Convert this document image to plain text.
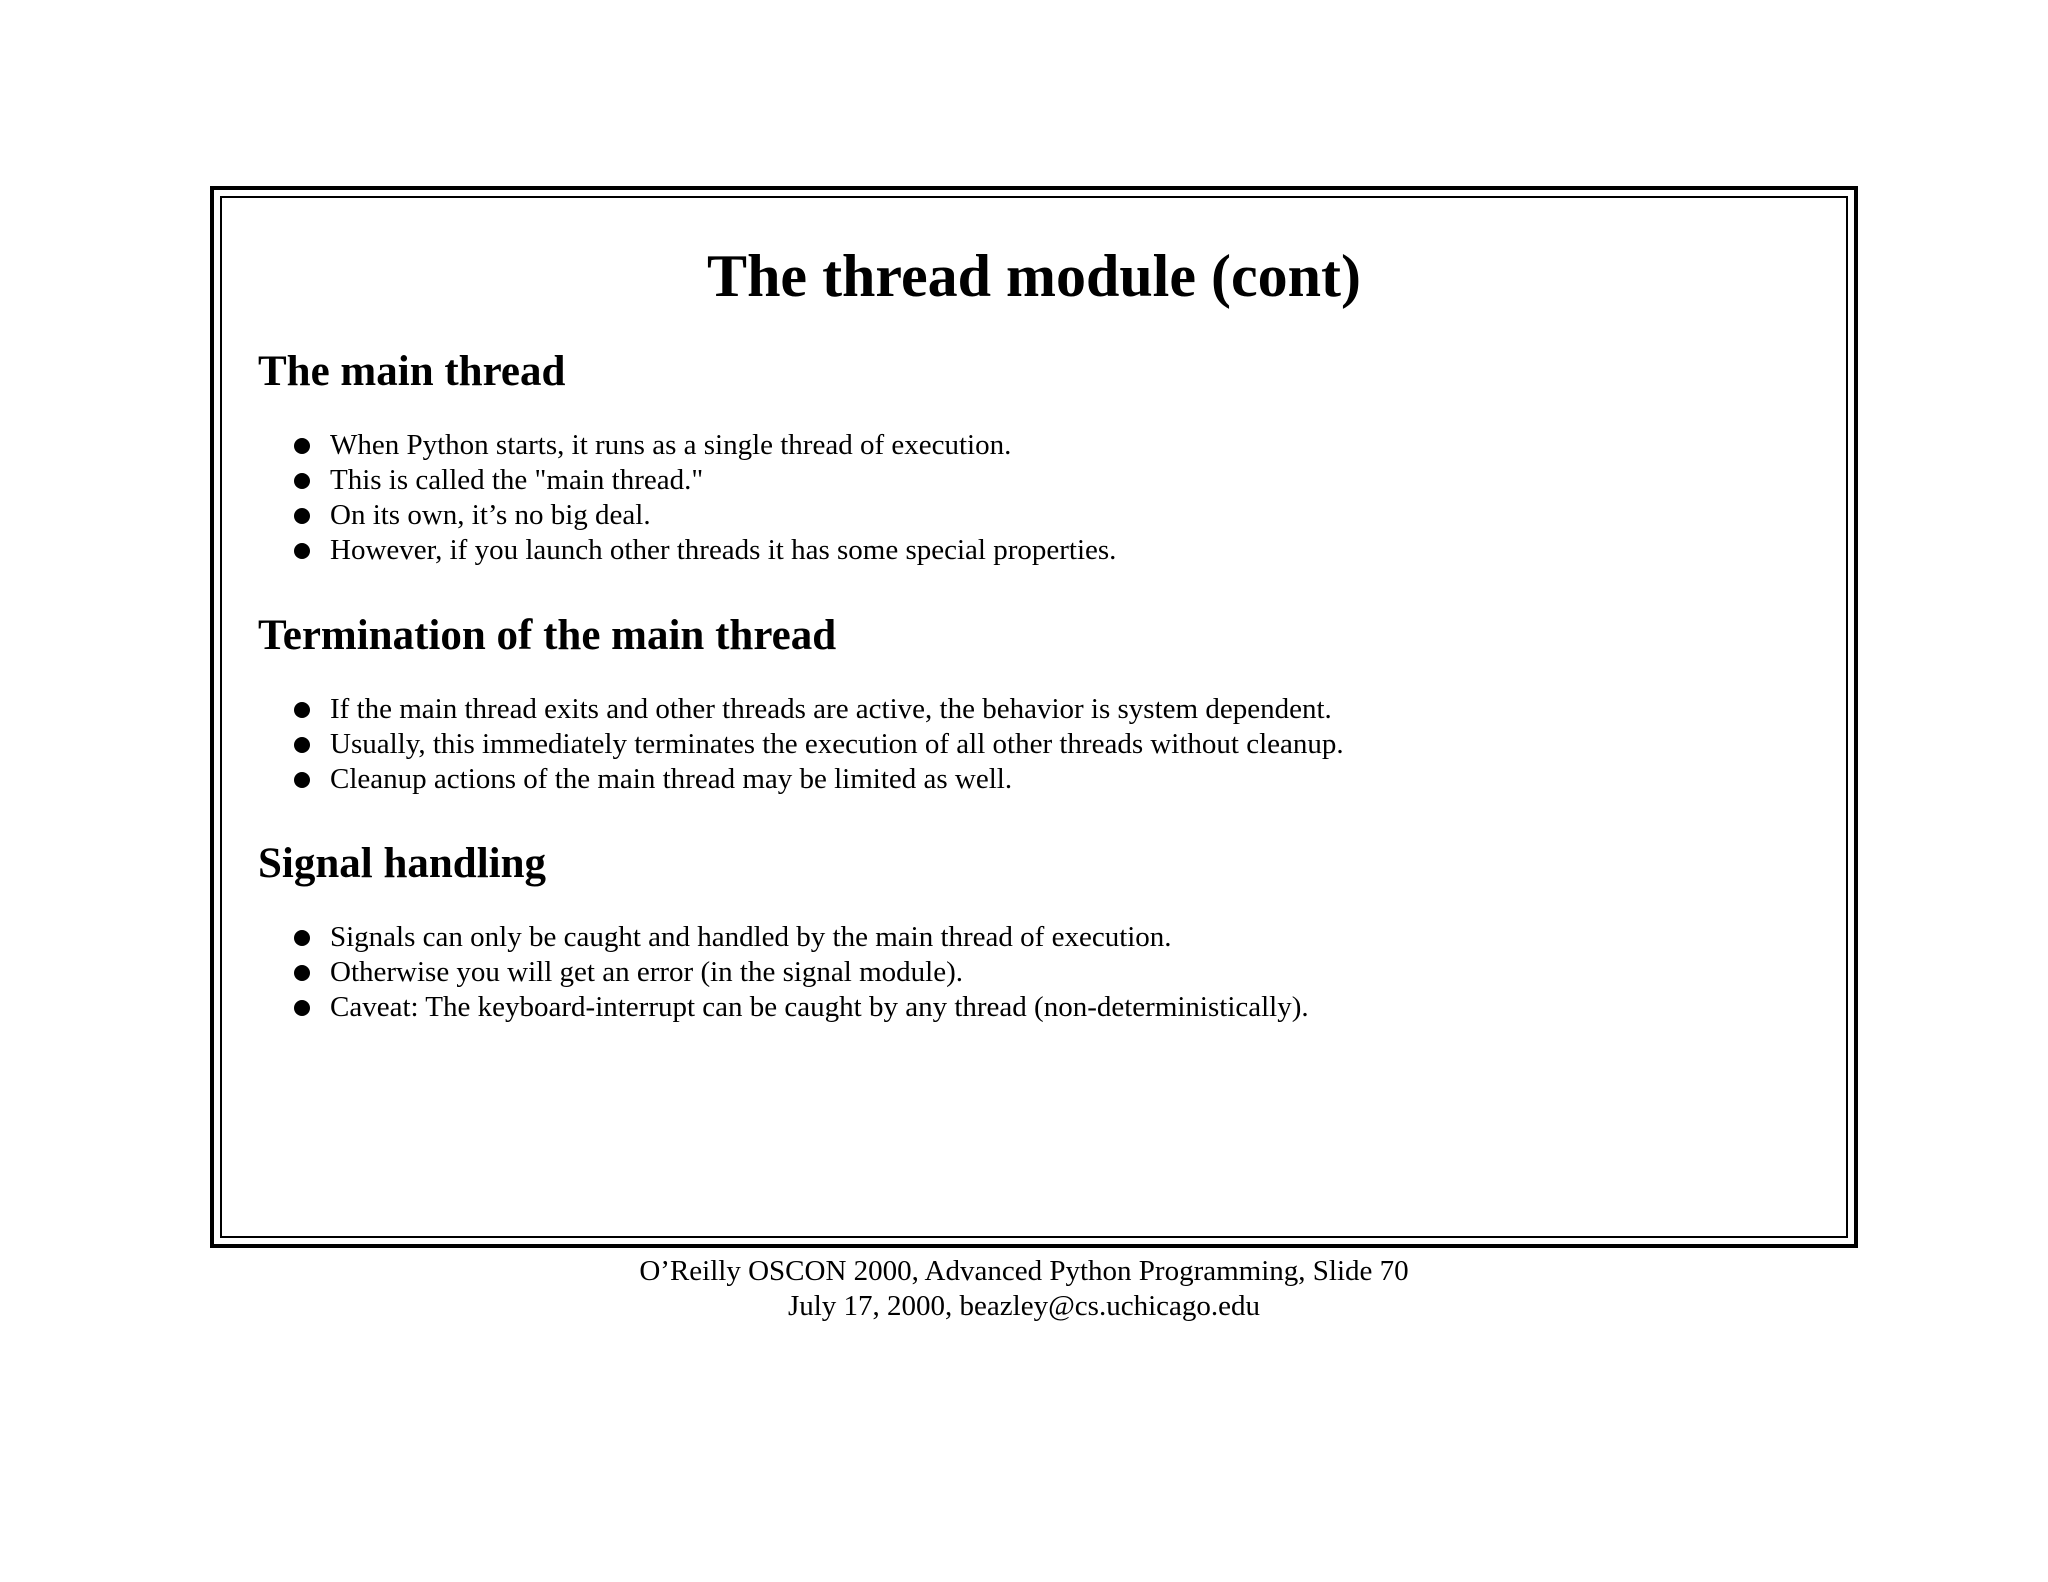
The thread module (cont)
The main thread
When Python starts, it runs as a single thread of execution.
This is called the "main thread."
On its own, it’s no big deal.
However, if you launch other threads it has some special properties.
Termination of the main thread
If the main thread exits and other threads are active, the behavior is system dependent.
Usually, this immediately terminates the execution of all other threads without cleanup.
Cleanup actions of the main thread may be limited as well.
Signal handling
Signals can only be caught and handled by the main thread of execution.
Otherwise you will get an error (in the signal module).
Caveat: The keyboard-interrupt can be caught by any thread (non-deterministically).
O’Reilly OSCON 2000, Advanced Python Programming, Slide 70
July 17, 2000, beazley@cs.uchicago.edu
